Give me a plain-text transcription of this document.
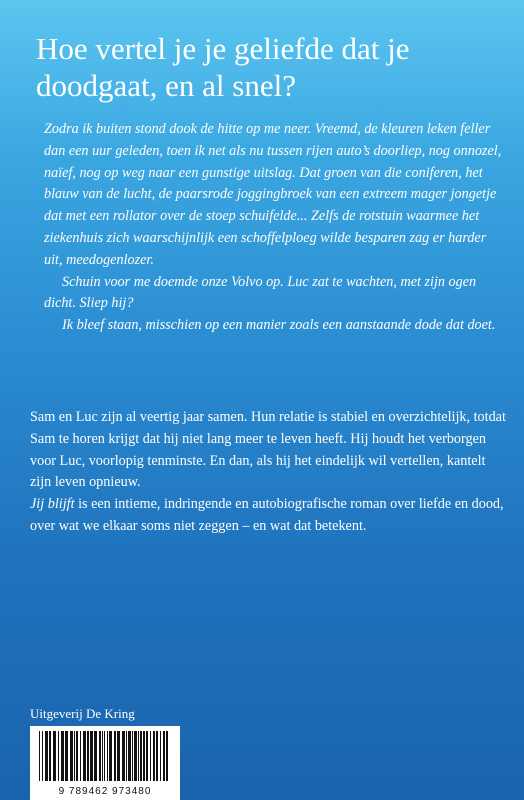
Hoe vertel je je geliefde dat je doodgaat, en al snel?

Zodra ik buiten stond dook de hitte op me neer. Vreemd, de kleuren leken feller dan een uur geleden, toen ik net als nu tussen rijen auto’s doorliep, nog onnozel, naïef, nog op weg naar een gunstige uitslag. Dat groen van die coniferen, het blauw van de lucht, de paarsrode joggingbroek van een extreem mager jongetje dat met een rollator over de stoep schuifelde... Zelfs de rotstuin waarmee het ziekenhuis zich waarschijnlijk een schoffelploeg wilde besparen zag er harder uit, meedogenlozer.

Schuin voor me doemde onze Volvo op. Luc zat te wachten, met zijn ogen dicht. Sliep hij?

Ik bleef staan, misschien op een manier zoals een aanstaande dode dat doet.

Sam en Luc zijn al veertig jaar samen. Hun relatie is stabiel en overzichtelijk, totdat Sam te horen krijgt dat hij niet lang meer te leven heeft. Hij houdt het verborgen voor Luc, voorlopig tenminste. En dan, als hij het eindelijk wil vertellen, kantelt zijn leven opnieuw.

Jij blijft is een intieme, indringende en autobiografische roman over liefde en dood, over wat we elkaar soms niet zeggen – en wat dat betekent.

Uitgeverij De Kring
9 789462 973480
